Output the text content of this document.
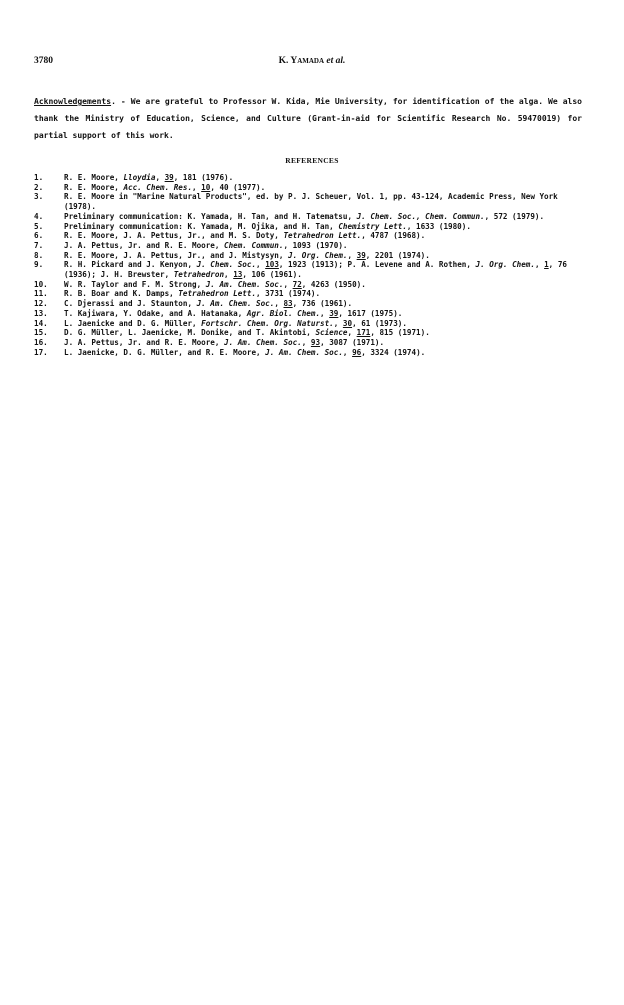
3780	K. Yamada et al.
Acknowledgements. - We are grateful to Professor W. Kida, Mie University, for identification of the alga. We also thank the Ministry of Education, Science, and Culture (Grant-in-aid for Scientific Research No. 59470019) for partial support of this work.
REFERENCES
1.	R. E. Moore, Lloydia, 39, 181 (1976).
2.	R. E. Moore, Acc. Chem. Res., 10, 40 (1977).
3.	R. E. Moore in "Marine Natural Products", ed. by P. J. Scheuer, Vol. 1, pp. 43-124, Academic Press, New York (1978).
4.	Preliminary communication: K. Yamada, H. Tan, and H. Tatematsu, J. Chem. Soc., Chem. Commun., 572 (1979).
5.	Preliminary communication: K. Yamada, M. Ojika, and H. Tan, Chemistry Lett., 1633 (1980).
6.	R. E. Moore, J. A. Pettus, Jr., and M. S. Doty, Tetrahedron Lett., 4787 (1968).
7.	J. A. Pettus, Jr. and R. E. Moore, Chem. Commun., 1093 (1970).
8.	R. E. Moore, J. A. Pettus, Jr., and J. Mistysyn, J. Org. Chem., 39, 2201 (1974).
9.	R. H. Pickard and J. Kenyon, J. Chem. Soc., 103, 1923 (1913); P. A. Levene and A. Rothen, J. Org. Chem., 1, 76 (1936); J. H. Brewster, Tetrahedron, 13, 106 (1961).
10.	W. R. Taylor and F. M. Strong, J. Am. Chem. Soc., 72, 4263 (1950).
11.	R. B. Boar and K. Damps, Tetrahedron Lett., 3731 (1974).
12.	C. Djerassi and J. Staunton, J. Am. Chem. Soc., 83, 736 (1961).
13.	T. Kajiwara, Y. Odake, and A. Hatanaka, Agr. Biol. Chem., 39, 1617 (1975).
14.	L. Jaenicke and D. G. Müller, Fortschr. Chem. Org. Naturst., 30, 61 (1973).
15.	D. G. Müller, L. Jaenicke, M. Donike, and T. Akintobi, Science, 171, 815 (1971).
16.	J. A. Pettus, Jr. and R. E. Moore, J. Am. Chem. Soc., 93, 3087 (1971).
17.	L. Jaenicke, D. G. Müller, and R. E. Moore, J. Am. Chem. Soc., 96, 3324 (1974).
